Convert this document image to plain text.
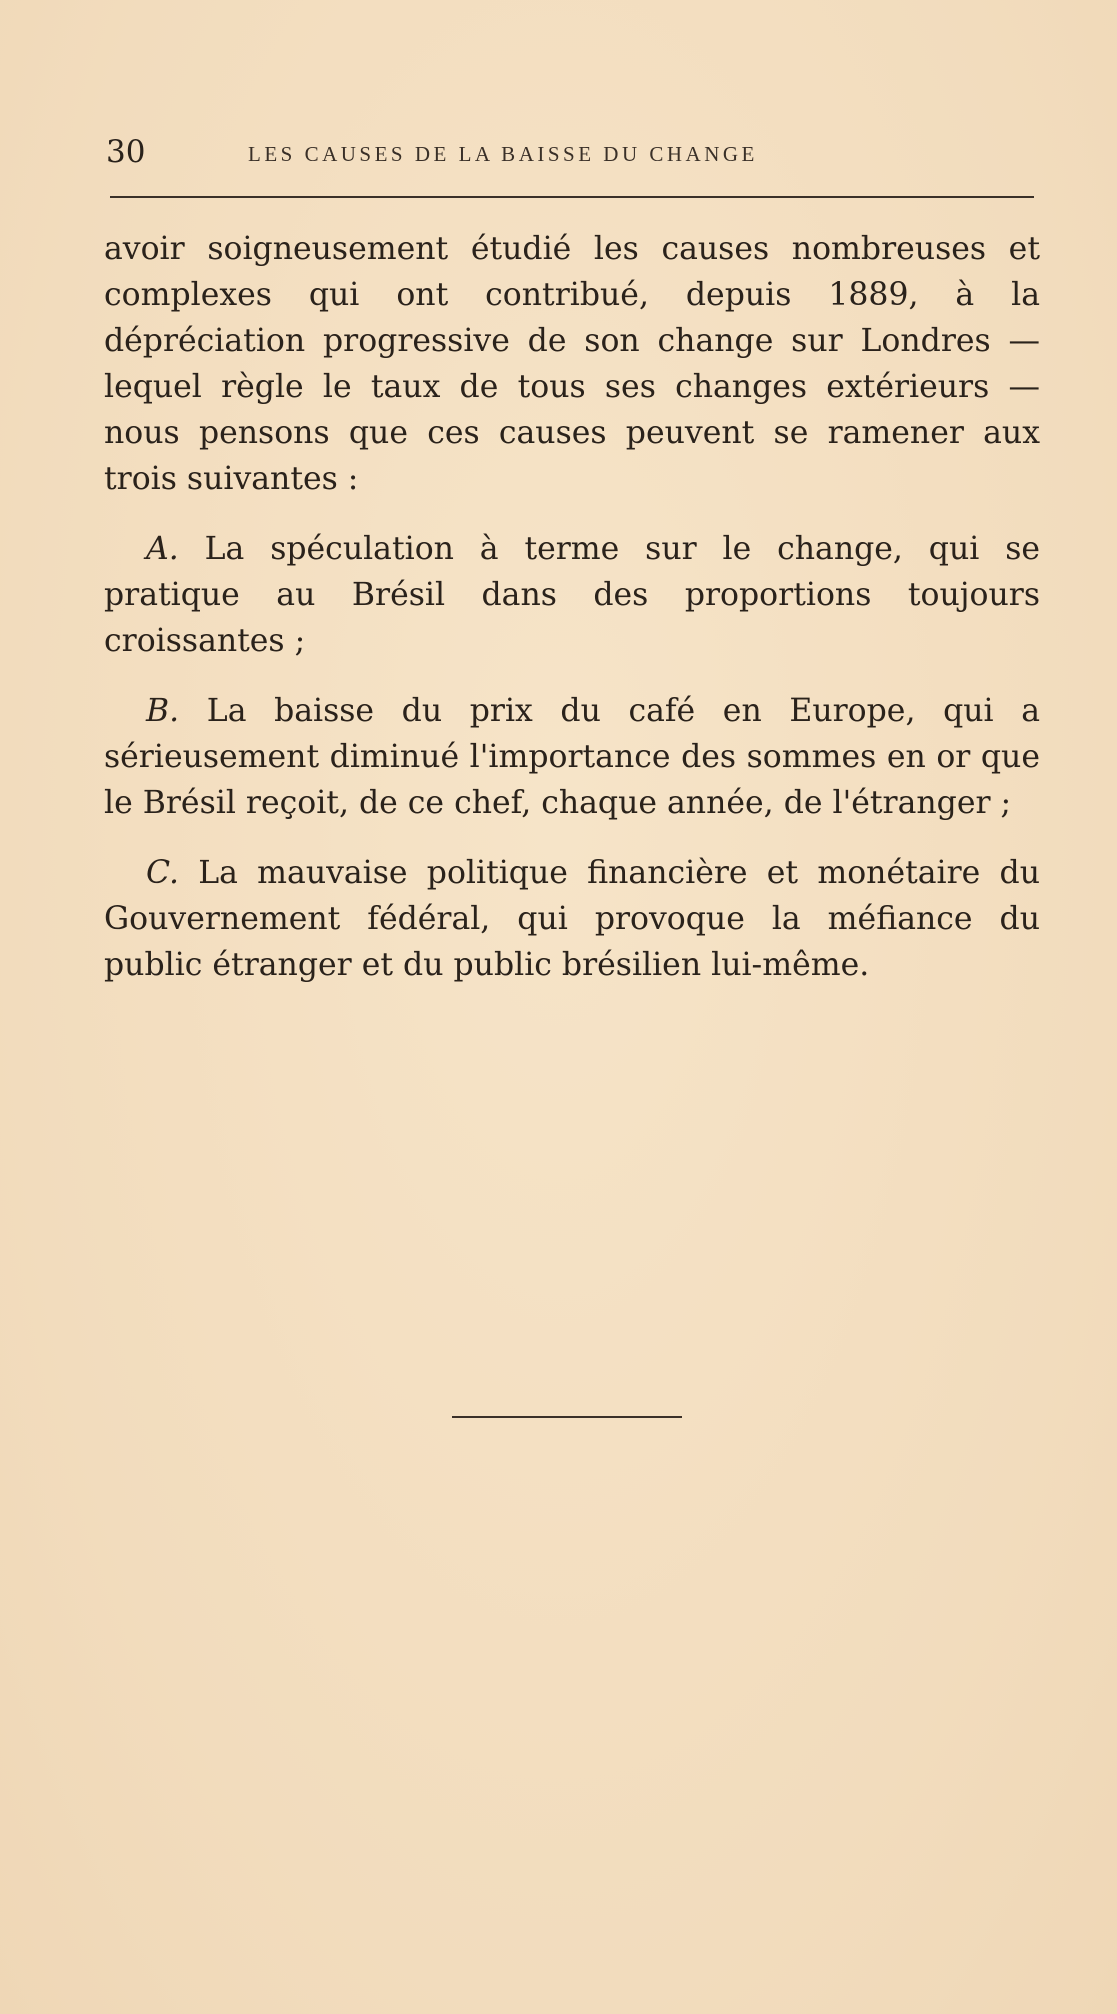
30	LES CAUSES DE LA BAISSE DU CHANGE

avoir soigneusement étudié les causes nombreuses et complexes qui ont contribué, depuis 1889, à la dépréciation progressive de son change sur Londres — lequel règle le taux de tous ses changes extérieurs — nous pensons que ces causes peuvent se ramener aux trois suivantes :

A. La spéculation à terme sur le change, qui se pratique au Brésil dans des proportions toujours croissantes ;

B. La baisse du prix du café en Europe, qui a sérieusement diminué l'importance des sommes en or que le Brésil reçoit, de ce chef, chaque année, de l'étranger ;

C. La mauvaise politique financière et monétaire du Gouvernement fédéral, qui provoque la méfiance du public étranger et du public brésilien lui-même.
